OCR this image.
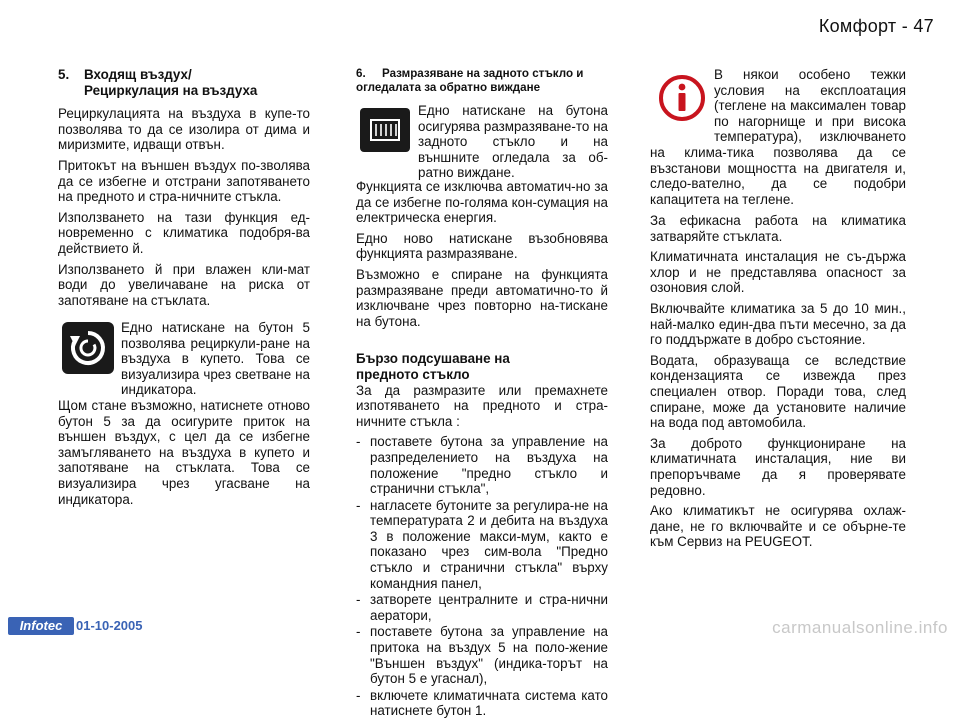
Комфорт - 47
5. Входящ въздух/
Рециркулация на въздуха

Рециркулацията на въздуха в купе-то позволява то да се изолира от дима и миризмите, идващи отвън.

Притокът на външен въздух по-зволява да се избегне и отстрани запотяването на предното и стра-ничните стъкла.

Използването на тази функция ед-новременно с климатика подобря-ва действието й.

Използването й при влажен кли-мат води до увеличаване на риска от запотяване на стъклата.

Едно натискане на бутон 5 позволява рециркули-ране на въздуха в купето. Това се визуализира чрез светване на индикатора.

Щом стане възможно, натиснете отново бутон 5 за да осигурите приток на външен въздух, с цел да се избегне замъгляването на въздуха в купето и запотяване на стъклата. Това се визуализира чрез угасване на индикатора.

6. Размразяване на задното стъкло и огледалата за обратно виждане

Едно натискане на бутона осигурява размразяване-то на задното стъкло и на външните огледала за об-ратно виждане.

Функцията се изключва автоматич-но за да се избегне по-голяма кон-сумация на електрическа енергия.

Едно ново натискане възобновява функцията размразяване.

Възможно е спиране на функцията размразяване преди автоматично-то й изключване чрез повторно на-тискане на бутона.

Бързо подсушаване на предното стъкло

За да размразите или премахнете изпотяването на предното и стра-ничните стъкла :

- поставете бутона за управление на разпределението на въздуха на положение "предно стъкло и странични стъкла",
- нагласете бутоните за регулира-не на температурата 2 и дебита на въздуха 3 в положение макси-мум, както е показано чрез сим-вола "Предно стъкло и странични стъкла" върху командния панел,
- затворете централните и стра-нични аератори,
- поставете бутона за управление на притока на въздух 5 на поло-жение "Външен въздух" (индика-торът на бутон 5 е угаснал),
- включете климатичната система като натиснете бутон 1.

В някои особено тежки условия на експлоатация (теглене на максимален товар по нагорнище и при висока температура), изключването на клима-тика позволява да се възстанови мощността на двигателя и, следо-вателно, да се подобри капацитета на теглене.

За ефикасна работа на климатика затваряйте стъклата.

Климатичната инсталация не съ-държа хлор и не представлява опасност за озоновия слой.

Включвайте климатика за 5 до 10 мин., най-малко един-два пъти месечно, за да го поддържате в добро състояние.

Водата, образуваща се вследствие кондензацията се извежда през специален отвор. Поради това, след спиране, може да установите наличие на вода под автомобила.

За доброто функциониране на климатичната инсталация, ние ви препоръчваме да я проверявате редовно.

Ако климатикът не осигурява охлаж-дане, не го включвайте и се обърне-те към Сервиз на PEUGEOT.

Infotec	01-10-2005	carmanualsonline.info
